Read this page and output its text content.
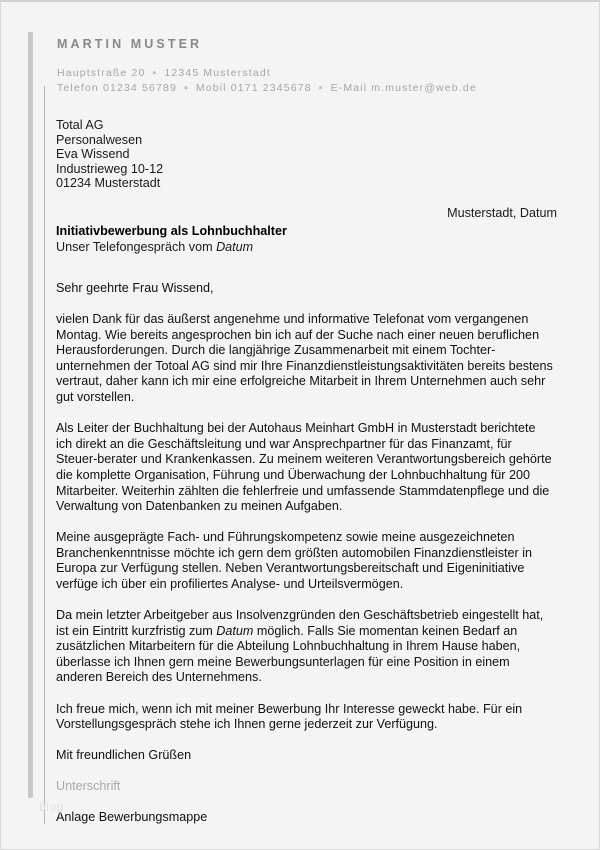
MARTIN MUSTER
Hauptstraße 20 ▪ 12345 Musterstadt
Telefon 01234 56789 ▪ Mobil 0171 2345678 ▪ E-Mail m.muster@web.de
Total AG
Personalwesen
Eva Wissend
Industrieweg 10-12
01234 Musterstadt
Musterstadt, Datum
Initiativbewerbung als Lohnbuchhalter
Unser Telefongespräch vom Datum

Sehr geehrte Frau Wissend,

vielen Dank für das äußerst angenehme und informative Telefonat vom vergangenen Montag. Wie bereits angesprochen bin ich auf der Suche nach einer neuen beruflichen Herausforderungen. Durch die langjährige Zusammenarbeit mit einem Tochter-unternehmen der Totoal AG sind mir Ihre Finanzdienstleistungsaktivitäten bereits bestens vertraut, daher kann ich mir eine erfolgreiche Mitarbeit in Ihrem Unternehmen auch sehr gut vorstellen.

Als Leiter der Buchhaltung bei der Autohaus Meinhart GmbH in Musterstadt berichtete ich direkt an die Geschäftsleitung und war Ansprechpartner für das Finanzamt, für Steuer-berater und Krankenkassen. Zu meinem weiteren Verantwortungsbereich gehörte die komplette Organisation, Führung und Überwachung der Lohnbuchhaltung für 200 Mitarbeiter. Weiterhin zählten die fehlerfreie und umfassende Stammdatenpflege und die Verwaltung von Datenbanken zu meinen Aufgaben.

Meine ausgeprägte Fach- und Führungskompetenz sowie meine ausgezeichneten Branchenkenntnisse möchte ich gern dem größten automobilen Finanzdienstleister in Europa zur Verfügung stellen. Neben Verantwortungsbereitschaft und Eigeninitiative verfüge ich über ein profiliertes Analyse- und Urteilsvermögen.

Da mein letzter Arbeitgeber aus Insolvenzgründen den Geschäftsbetrieb eingestellt hat, ist ein Eintritt kurzfristig zum Datum möglich. Falls Sie momentan keinen Bedarf an zusätzlichen Mitarbeitern für die Abteilung Lohnbuchhaltung in Ihrem Hause haben, überlasse ich Ihnen gern meine Bewerbungsunterlagen für eine Position in einem anderen Bereich des Unternehmens.

Ich freue mich, wenn ich mit meiner Bewerbung Ihr Interesse geweckt habe. Für ein Vorstellungsgespräch stehe ich Ihnen gerne jederzeit zur Verfügung.

Mit freundlichen Grüßen

Unterschrift

Anlage Bewerbungsmappe

blog
